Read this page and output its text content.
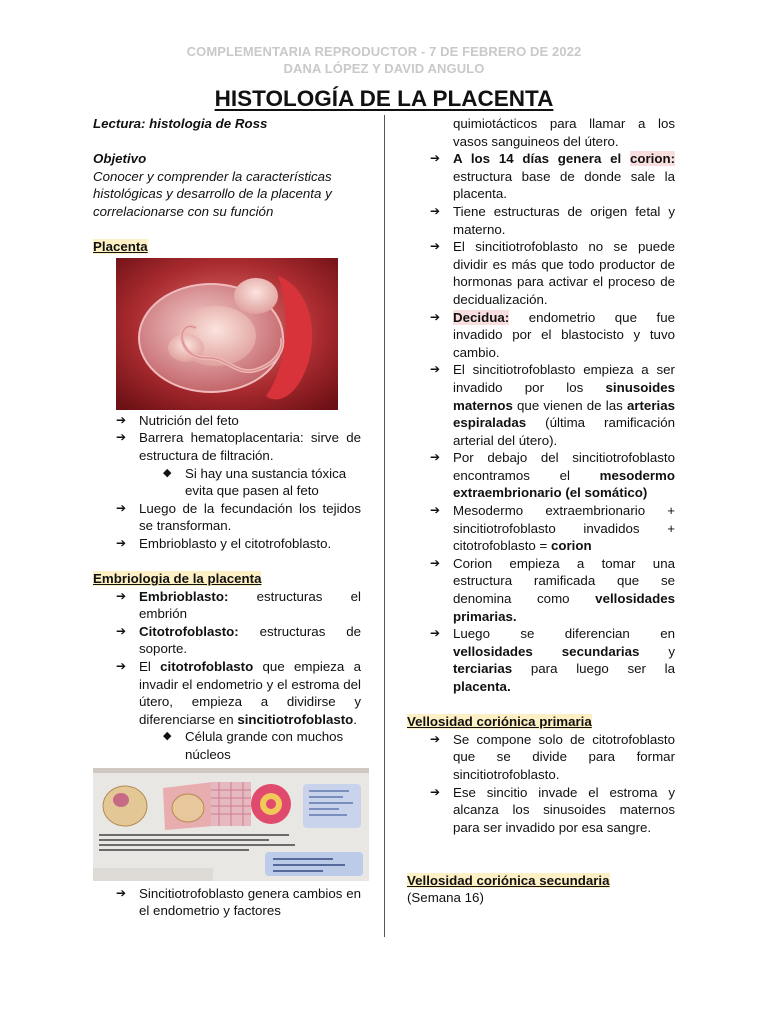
COMPLEMENTARIA REPRODUCTOR - 7 DE FEBRERO DE 2022
DANA LÓPEZ Y DAVID ANGULO
HISTOLOGÍA DE LA PLACENTA

Lectura: histologia de Ross

Objetivo

Conocer y comprender la características histológicas y desarrollo de la placenta y correlacionarse con su función

Placenta
➔ Nutrición del feto
➔ Barrera hematoplacentaria: sirve de estructura de filtración.
◆ Si hay una sustancia tóxica evita que pasen al feto
➔ Luego de la fecundación los tejidos se transforman.
➔ Embrioblasto y el citotrofoblasto.
Embriologia de la placenta
➔ Embrioblasto: estructuras el embrión
➔ Citotrofoblasto: estructuras de soporte.
➔ El citotrofoblasto que empieza a invadir el endometrio y el estroma del útero, empieza a dividirse y diferenciarse en sincitiotrofoblasto.
◆ Célula grande con muchos núcleos
➔ Sincitiotrofoblasto genera cambios en el endometrio y factores
quimiotácticos para llamar a los vasos sanguineos del útero.
➔ A los 14 días genera el corion: estructura base de donde sale la placenta.
➔ Tiene estructuras de origen fetal y materno.
➔ El sincitiotrofoblasto no se puede dividir es más que todo productor de hormonas para activar el proceso de decidualización.
➔ Decidua: endometrio que fue invadido por el blastocisto y tuvo cambio.
➔ El sincitiotrofoblasto empieza a ser invadido por los sinusoides maternos que vienen de las arterias espiraladas (última ramificación arterial del útero).
➔ Por debajo del sincitiotrofoblasto encontramos el mesodermo extraembrionario (el somático)
➔ Mesodermo extraembrionario + sincitiotrofoblasto invadidos + citotrofoblasto = corion
➔ Corion empieza a tomar una estructura ramificada que se denomina como vellosidades primarias.
➔ Luego se diferencian en vellosidades secundarias y terciarias para luego ser la placenta.
Vellosidad coriónica primaria
➔ Se compone solo de citotrofoblasto que se divide para formar sincitiotrofoblasto.
➔ Ese sincitio invade el estroma y alcanza los sinusoides maternos para ser invadido por esa sangre.
Vellosidad coriónica secundaria

(Semana 16)
